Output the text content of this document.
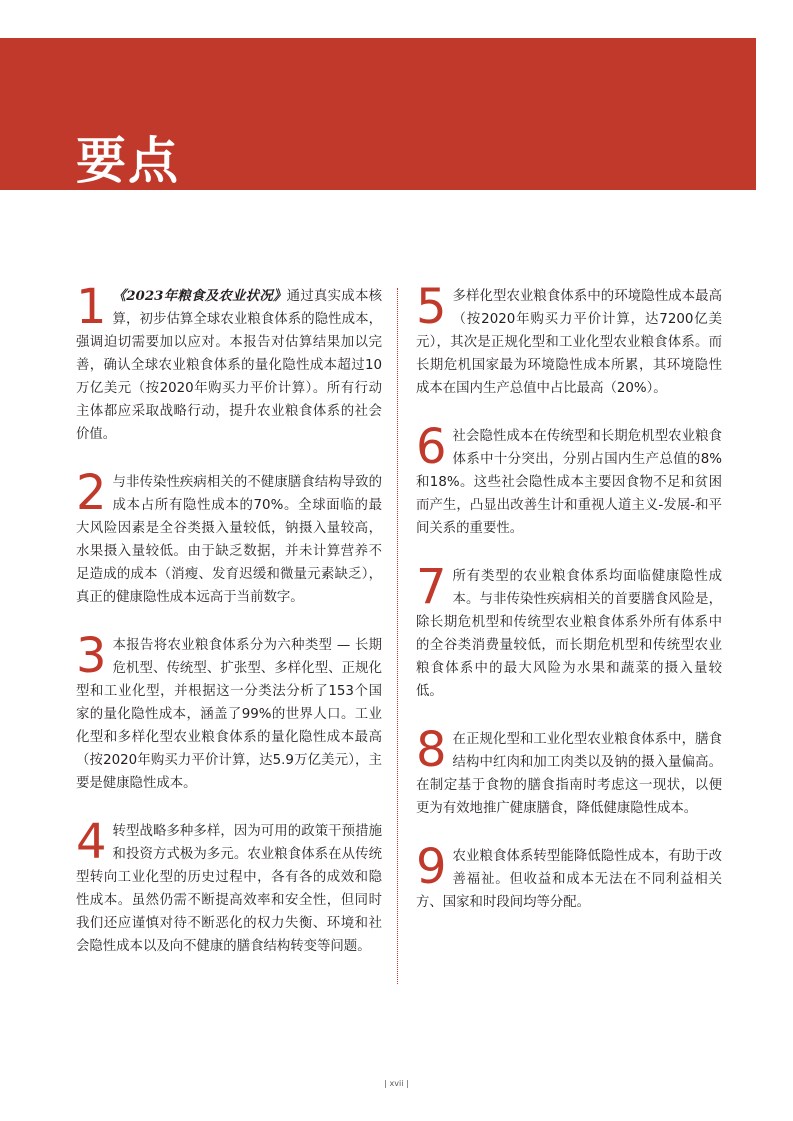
要点

1 《2023年粮食及农业状况》通过真实成本核算，初步估算全球农业粮食体系的隐性成本，强调迫切需要加以应对。本报告对估算结果加以完善，确认全球农业粮食体系的量化隐性成本超过10万亿美元（按2020年购买力平价计算）。所有行动主体都应采取战略行动，提升农业粮食体系的社会价值。

2 与非传染性疾病相关的不健康膳食结构导致的成本占所有隐性成本的70%。全球面临的最大风险因素是全谷类摄入量较低，钠摄入量较高，水果摄入量较低。由于缺乏数据，并未计算营养不足造成的成本（消瘦、发育迟缓和微量元素缺乏），真正的健康隐性成本远高于当前数字。

3 本报告将农业粮食体系分为六种类型 — 长期危机型、传统型、扩张型、多样化型、正规化型和工业化型，并根据这一分类法分析了153个国家的量化隐性成本，涵盖了99%的世界人口。工业化型和多样化型农业粮食体系的量化隐性成本最高（按2020年购买力平价计算，达5.9万亿美元），主要是健康隐性成本。

4 转型战略多种多样，因为可用的政策干预措施和投资方式极为多元。农业粮食体系在从传统型转向工业化型的历史过程中，各有各的成效和隐性成本。虽然仍需不断提高效率和安全性，但同时我们还应谨慎对待不断恶化的权力失衡、环境和社会隐性成本以及向不健康的膳食结构转变等问题。

5 多样化型农业粮食体系中的环境隐性成本最高（按2020年购买力平价计算，达7200亿美元），其次是正规化型和工业化型农业粮食体系。而长期危机国家最为环境隐性成本所累，其环境隐性成本在国内生产总值中占比最高（20%）。

6 社会隐性成本在传统型和长期危机型农业粮食体系中十分突出，分别占国内生产总值的8%和18%。这些社会隐性成本主要因食物不足和贫困而产生，凸显出改善生计和重视人道主义-发展-和平间关系的重要性。

7 所有类型的农业粮食体系均面临健康隐性成本。与非传染性疾病相关的首要膳食风险是，除长期危机型和传统型农业粮食体系外所有体系中的全谷类消费量较低，而长期危机型和传统型农业粮食体系中的最大风险为水果和蔬菜的摄入量较低。

8 在正规化型和工业化型农业粮食体系中，膳食结构中红肉和加工肉类以及钠的摄入量偏高。在制定基于食物的膳食指南时考虑这一现状，以便更为有效地推广健康膳食，降低健康隐性成本。

9 农业粮食体系转型能降低隐性成本，有助于改善福祉。但收益和成本无法在不同利益相关方、国家和时段间均等分配。

| xvii |
